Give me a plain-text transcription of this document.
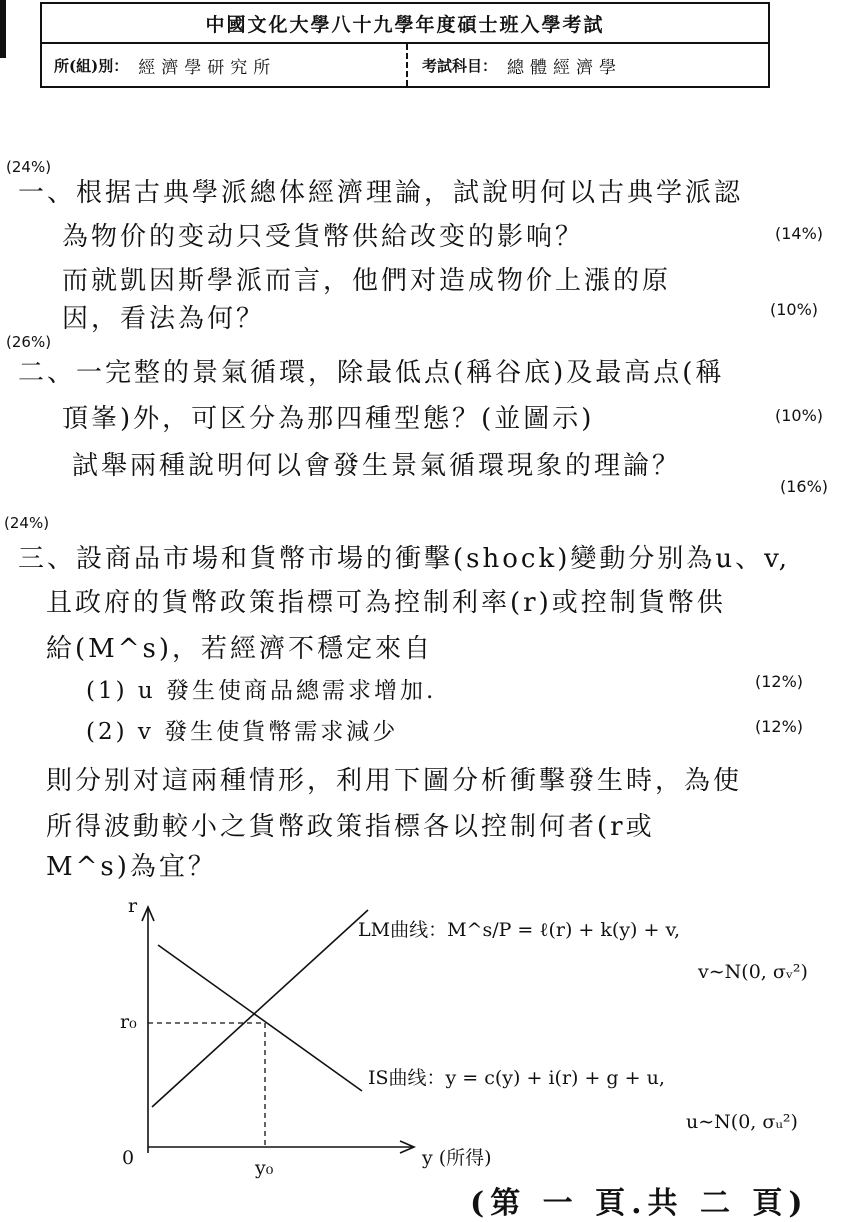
中國文化大學八十九學年度碩士班入學考試
所(組)別： 經濟學研究所	考試科目： 總體經濟學
(24%)
一、根据古典學派總体經濟理論，試說明何以古典学派認
為物价的变动只受貨幣供給改变的影响？	(14%)
而就凱因斯學派而言，他們对造成物价上漲的原
因，看法為何？	(10%)
(26%)
二、一完整的景氣循環，除最低点(稱谷底)及最高点(稱
頂峯)外，可区分為那四種型態？(並圖示)	(10%)
試舉兩種說明何以會發生景氣循環現象的理論？
(16%)
(24%)
三、設商品市場和貨幣市場的衝擊(shock)變動分别為u、v,
且政府的貨幣政策指標可為控制利率(r)或控制貨幣供
給(M^s)，若經濟不穩定來自
(1) u 發生使商品總需求增加.	(12%)
(2) v 發生使貨幣需求減少	(12%)
則分别对這兩種情形，利用下圖分析衝擊發生時，為使
所得波動較小之貨幣政策指標各以控制何者(r或
M^s)為宜？
r
r₀
0	y₀	y (所得)
LM曲线：M^s/P = ℓ(r) + k(y) + v,
v∼N(0, σᵥ²)
IS曲线：y = c(y) + i(r) + g + u,
u∼N(0, σᵤ²)
(第 一 頁.共 二 頁)
